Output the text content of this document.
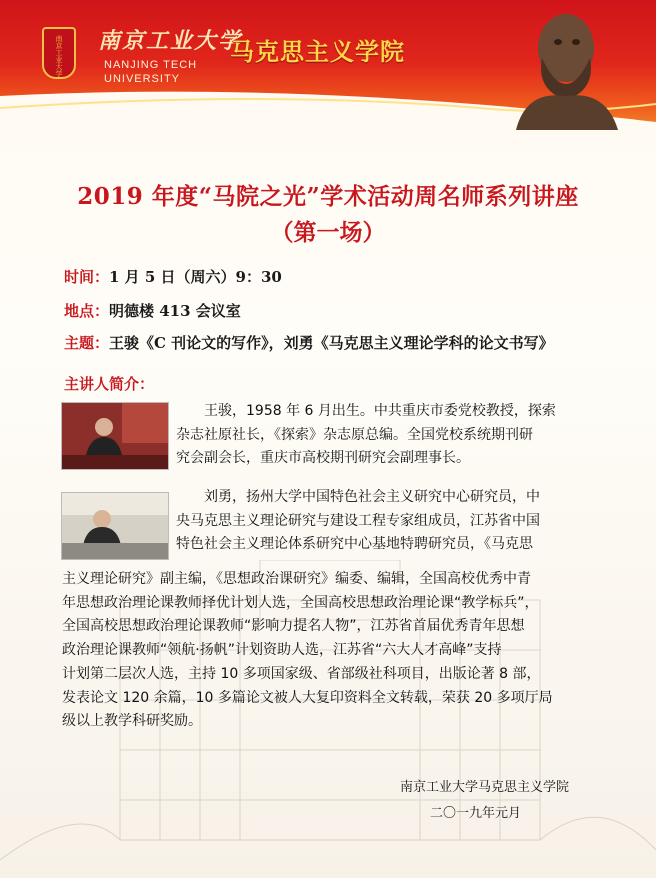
南京工业大学 南京工业大学
NANJING TECH
UNIVERSITY
马克思主义学院
2019 年度“马院之光”学术活动周名师系列讲座
（第一场）
时间：1 月 5 日（周六）9：30
地点：明德楼 413 会议室
主题：王骏《C 刊论文的写作》，刘勇《马克思主义理论学科的论文书写》
主讲人简介：

　　王骏，1958 年 6 月出生。中共重庆市委党校教授，探索

杂志社原社长，《探索》杂志原总编。全国党校系统期刊研

究会副会长，重庆市高校期刊研究会副理事长。

　　刘勇，扬州大学中国特色社会主义研究中心研究员，中

央马克思主义理论研究与建设工程专家组成员，江苏省中国

特色社会主义理论体系研究中心基地特聘研究员，《马克思

主义理论研究》副主编，《思想政治课研究》编委、编辑，全国高校优秀中青

年思想政治理论课教师择优计划人选，全国高校思想政治理论课“教学标兵”，

全国高校思想政治理论课教师“影响力提名人物”，江苏省首届优秀青年思想

政治理论课教师“领航·扬帆”计划资助人选，江苏省“六大人才高峰”支持

计划第二层次人选，主持 10 多项国家级、省部级社科项目，出版论著 8 部，

发表论文 120 余篇，10 多篇论文被人大复印资料全文转载，荣获 20 多项厅局

级以上教学科研奖励。

南京工业大学马克思主义学院
二〇一九年元月
